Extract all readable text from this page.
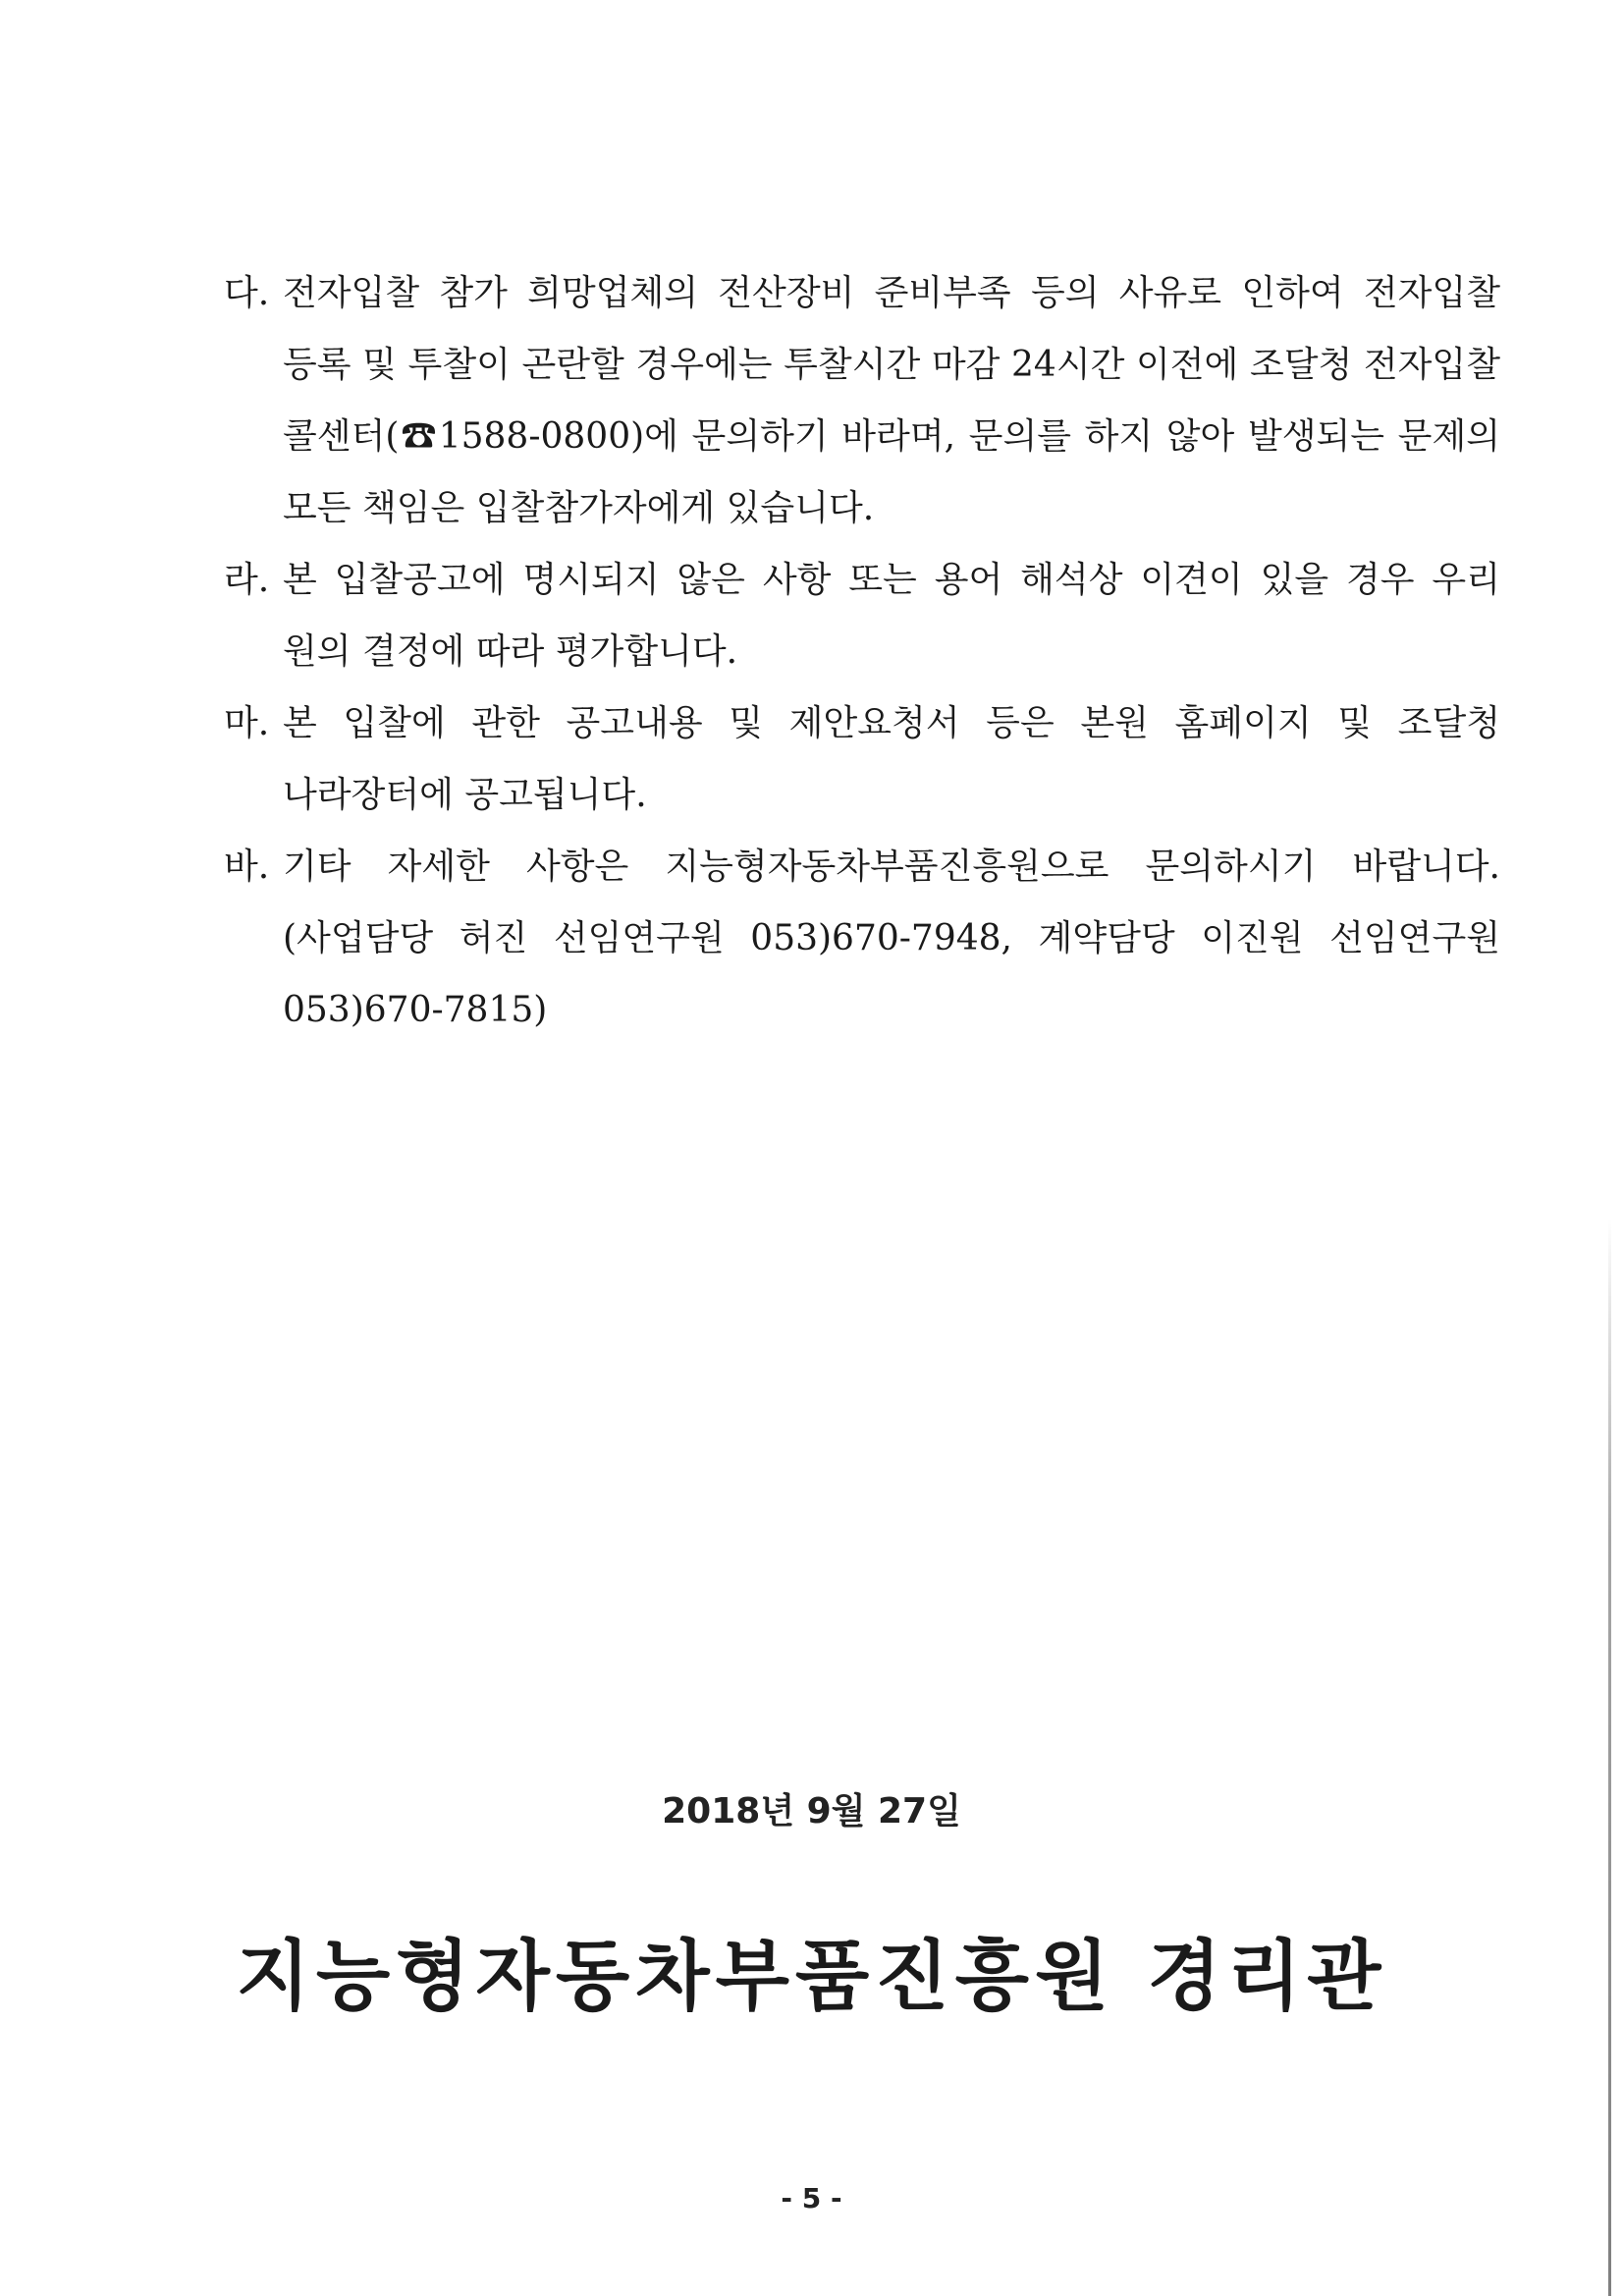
다. 전자입찰 참가 희망업체의 전산장비 준비부족 등의 사유로 인하여 전자입찰 등록 및 투찰이 곤란할 경우에는 투찰시간 마감 24시간 이전에 조달청 전자입찰 콜센터(☎1588-0800)에 문의하기 바라며, 문의를 하지 않아 발생되는 문제의 모든 책임은 입찰참가자에게 있습니다.
라. 본 입찰공고에 명시되지 않은 사항 또는 용어 해석상 이견이 있을 경우 우리 원의 결정에 따라 평가합니다.
마. 본 입찰에 관한 공고내용 및 제안요청서 등은 본원 홈페이지 및 조달청 나라장터에 공고됩니다.
바. 기타 자세한 사항은 지능형자동차부품진흥원으로 문의하시기 바랍니다.(사업담당 허진 선임연구원 053)670-7948, 계약담당 이진원 선임연구원 053)670-7815)
2018년 9월 27일
지능형자동차부품진흥원 경리관
- 5 -
